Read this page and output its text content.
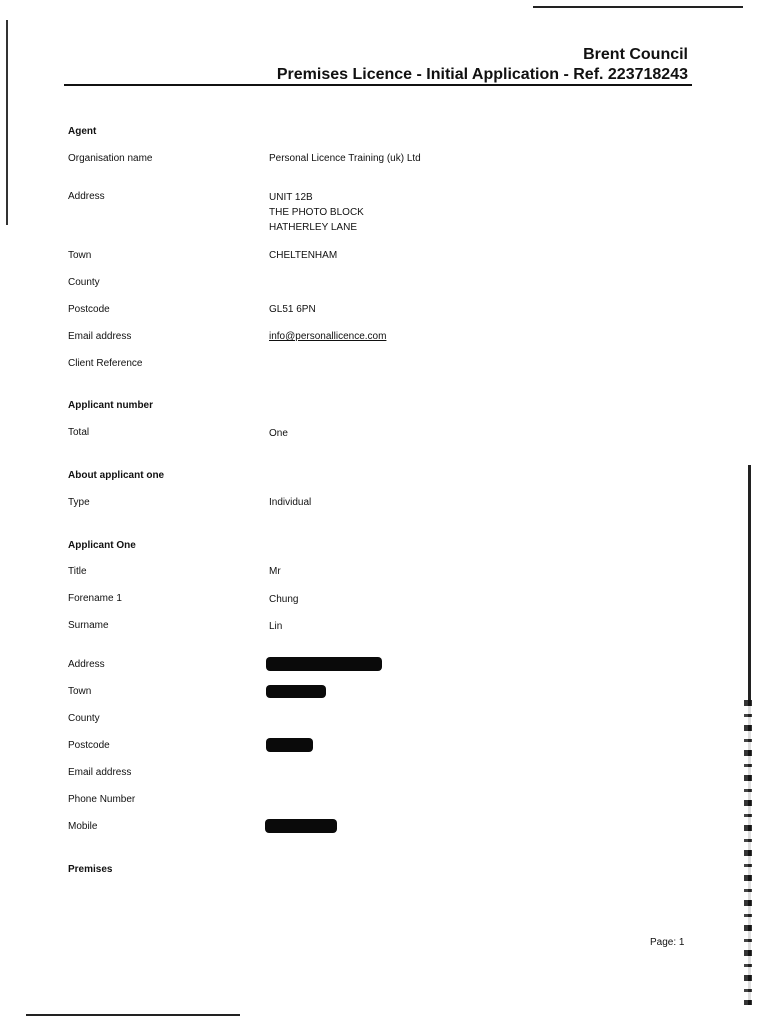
Brent Council
Premises Licence - Initial Application - Ref. 223718243
Agent
Organisation name	Personal Licence Training (uk) Ltd
Address	UNIT 12B
THE PHOTO BLOCK
HATHERLEY LANE
Town	CHELTENHAM
County
Postcode	GL51 6PN
Email address	info@personallicence.com
Client Reference
Applicant number
Total	One
About applicant one
Type	Individual
Applicant One
Title	Mr
Forename 1	Chung
Surname	Lin
Address
Town
County
Postcode
Email address
Phone Number
Mobile
Premises
Page: 1
